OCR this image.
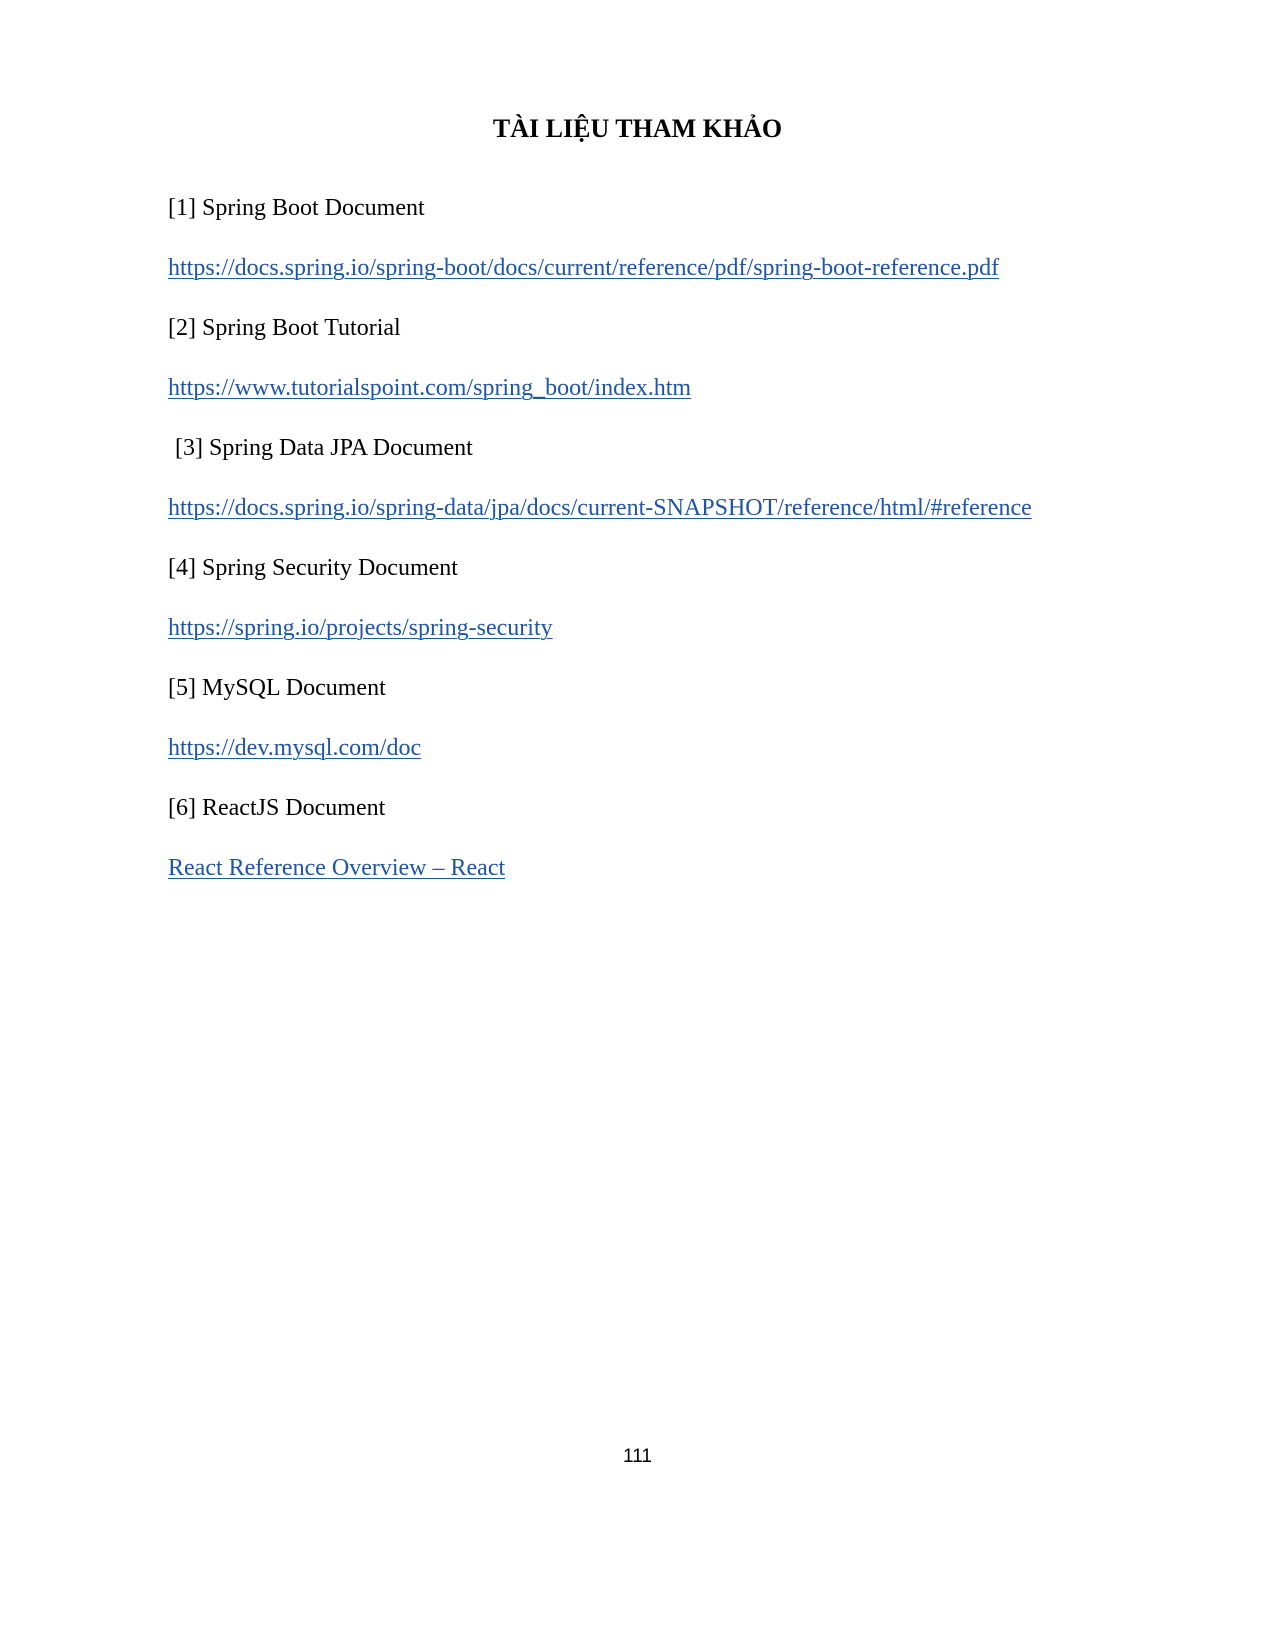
TÀI LIỆU THAM KHẢO
[1] Spring Boot Document
https://docs.spring.io/spring-boot/docs/current/reference/pdf/spring-boot-reference.pdf
[2] Spring Boot Tutorial
https://www.tutorialspoint.com/spring_boot/index.htm
[3] Spring Data JPA Document
https://docs.spring.io/spring-data/jpa/docs/current-SNAPSHOT/reference/html/#reference
[4] Spring Security Document
https://spring.io/projects/spring-security
[5] MySQL Document
https://dev.mysql.com/doc
[6] ReactJS Document
React Reference Overview – React
111
